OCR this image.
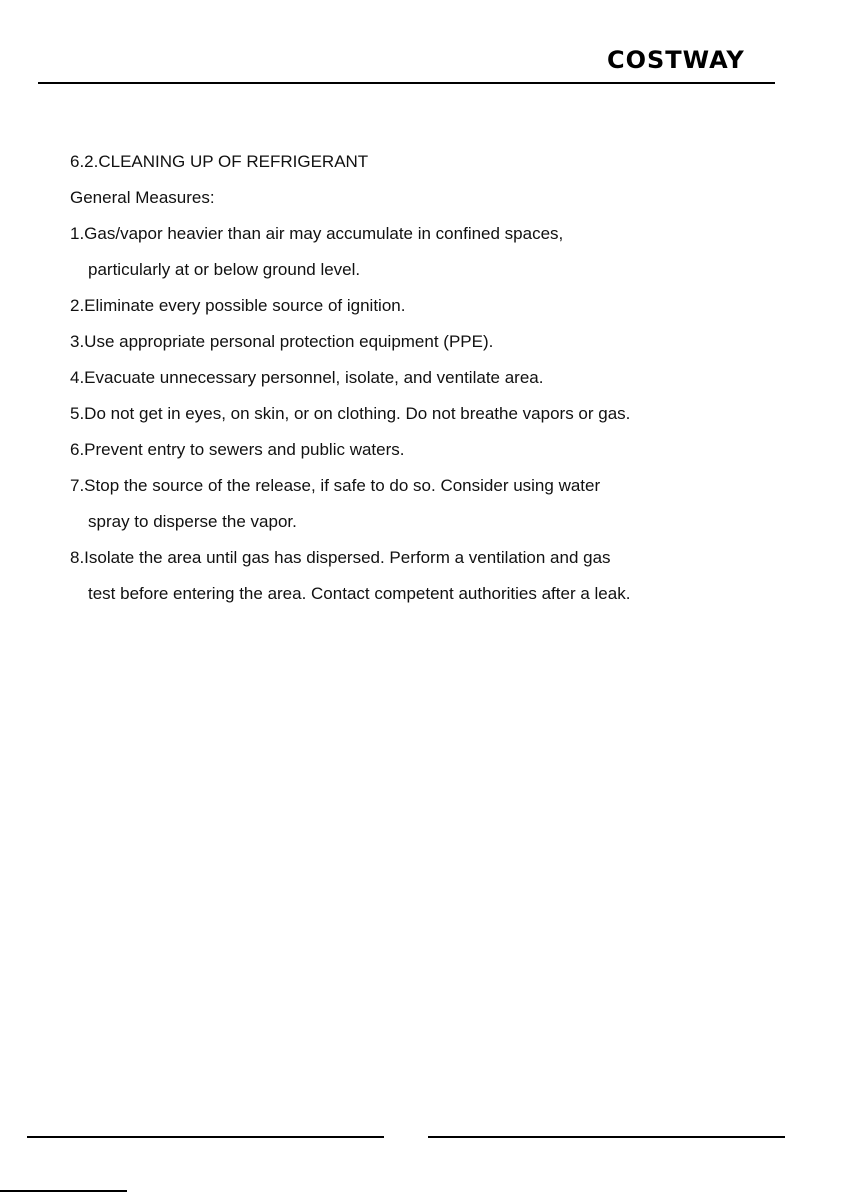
COSTWAY
6.2.CLEANING UP OF REFRIGERANT
General Measures:
1.Gas/vapor heavier than air may accumulate in confined spaces,
particularly at or below ground level.
2.Eliminate every possible source of ignition.
3.Use appropriate personal protection equipment (PPE).
4.Evacuate unnecessary personnel, isolate, and ventilate area.
5.Do not get in eyes, on skin, or on clothing. Do not breathe vapors or gas.
6.Prevent entry to sewers and public waters.
7.Stop the source of the release, if safe to do so. Consider using water
spray to disperse the vapor.
8.Isolate the area until gas has dispersed. Perform a ventilation and gas
test before entering the area. Contact competent authorities after a leak.
